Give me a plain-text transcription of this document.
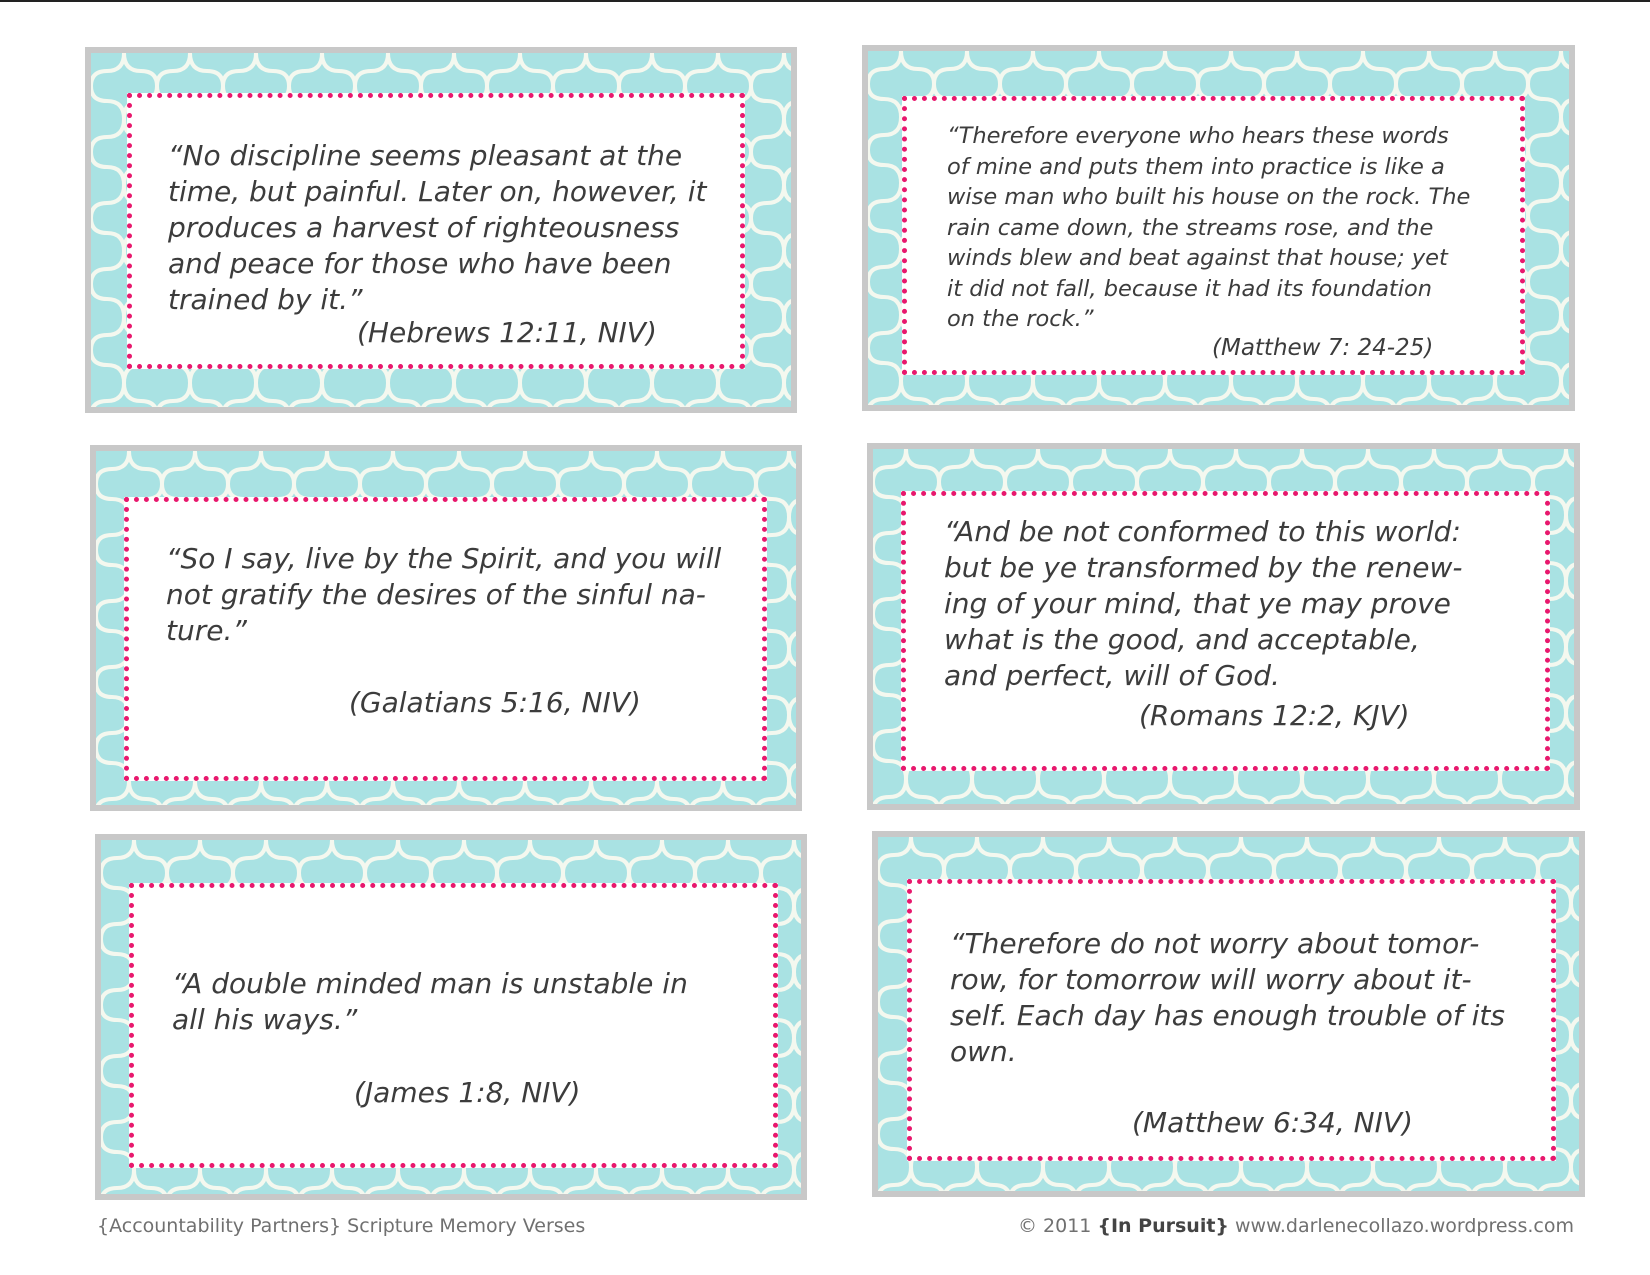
“No discipline seems pleasant at the
time, but painful. Later on, however, it
produces a harvest of righteousness
and peace for those who have been
trained by it.”

(Hebrews 12:11, NIV)

“Therefore everyone who hears these words
of mine and puts them into practice is like a
wise man who built his house on the rock. The
rain came down, the streams rose, and the
winds blew and beat against that house; yet
it did not fall, because it had its foundation
on the rock.”

(Matthew 7: 24-25)

“So I say, live by the Spirit, and you will
not gratify the desires of the sinful na-
ture.”

(Galatians 5:16, NIV)

“And be not conformed to this world:
but be ye transformed by the renew-
ing of your mind, that ye may prove
what is the good, and acceptable,
and perfect, will of God.

(Romans 12:2, KJV)

“A double minded man is unstable in
all his ways.”

(James 1:8, NIV)

“Therefore do not worry about tomor-
row, for tomorrow will worry about it-
self. Each day has enough trouble of its
own.

(Matthew 6:34, NIV)

{Accountability Partners} Scripture Memory Verses	© 2011 {In Pursuit} www.darlenecollazo.wordpress.com
